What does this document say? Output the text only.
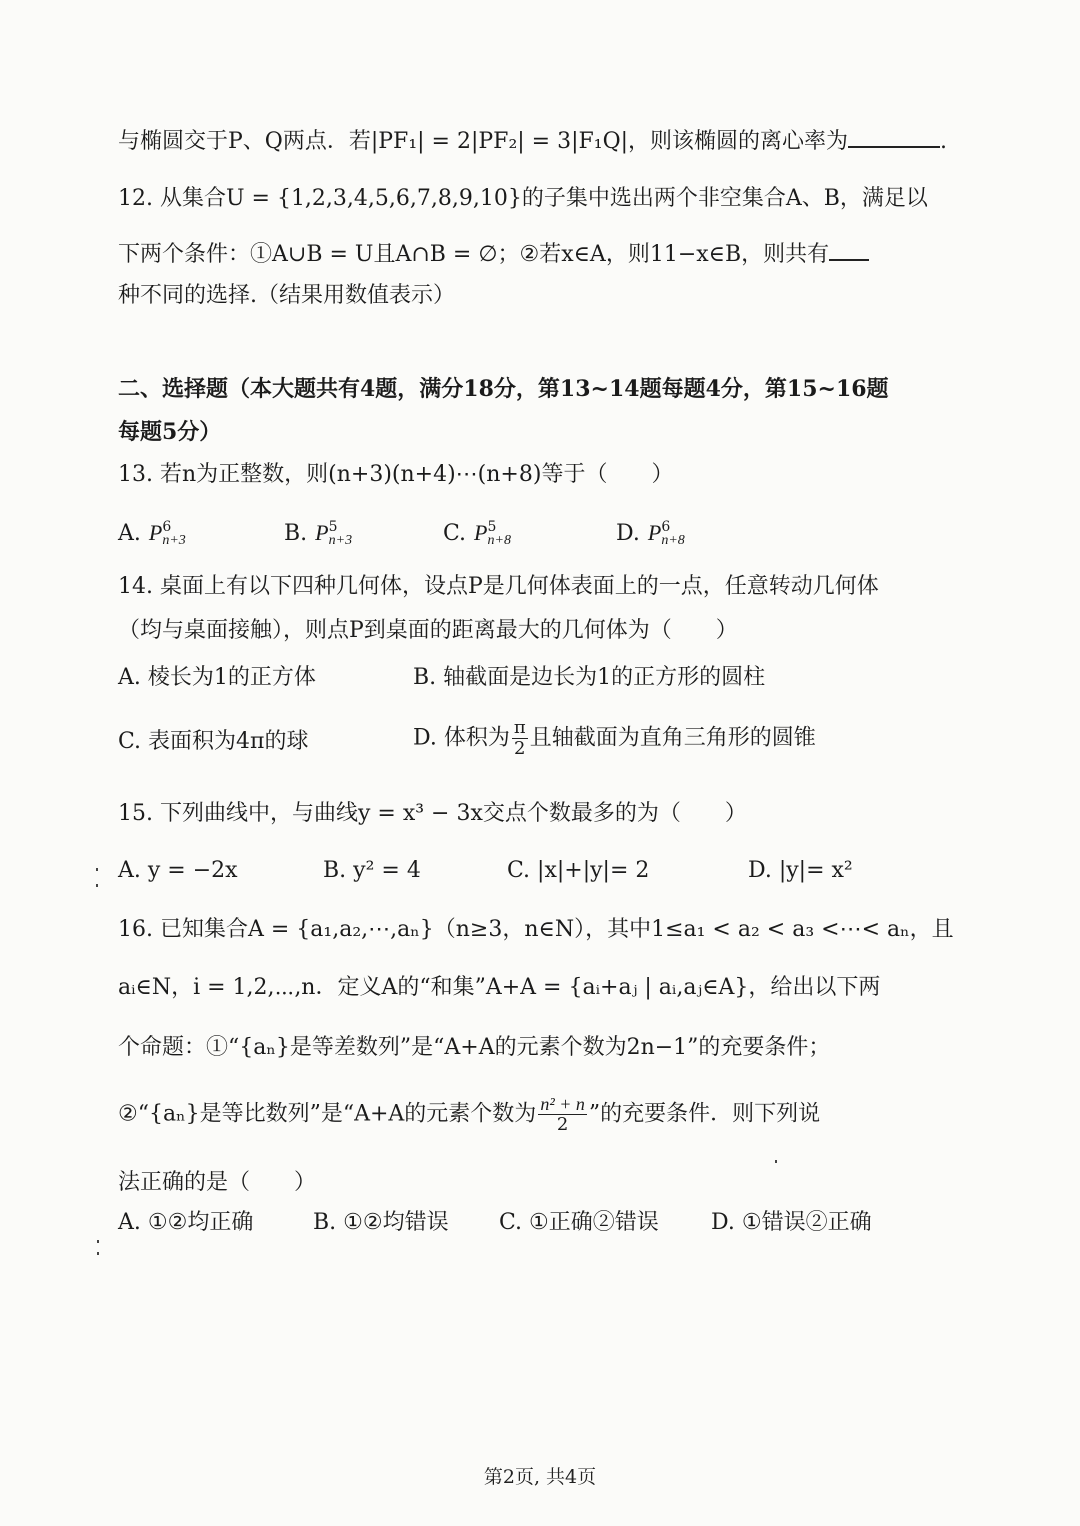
与椭圆交于P、Q两点．若|PF₁| = 2|PF₂| = 3|F₁Q|，则该椭圆的离心率为	.
12. 从集合U = {1,2,3,4,5,6,7,8,9,10}的子集中选出两个非空集合A、B，满足以
下两个条件：①A∪B = U且A∩B = ∅；②若x∈A，则11−x∈B，则共有
种不同的选择.（结果用数值表示）
二、选择题（本大题共有4题，满分18分，第13~14题每题4分，第15~16题
每题5分）
13. 若n为正整数，则(n+3)(n+4)⋯(n+8)等于（　　）
A. P 6
n+3	B. P 5
n+3	C. P 5
n+8	D. P 6
n+8
14. 桌面上有以下四种几何体，设点P是几何体表面上的一点，任意转动几何体
（均与桌面接触），则点P到桌面的距离最大的几何体为（　　）
A. 棱长为1的正方体	B. 轴截面是边长为1的正方形的圆柱
C. 表面积为4π的球	D. 体积为 $\frac{\pi}{2}$ 且轴截面为直角三角形的圆锥
15. 下列曲线中，与曲线y = x³ − 3x交点个数最多的为（　　）
A. y = −2x	B. y² = 4	C. |x|+|y|= 2	D. |y|= x²
16. 已知集合A = {a₁,a₂,⋯,aₙ}（n≥3，n∈N），其中1≤a₁ < a₂ < a₃ <⋯< aₙ，且
aᵢ∈N，i = 1,2,⋯,n．定义A的“和集”A+A = {aᵢ+aⱼ | aᵢ,aⱼ∈A}，给出以下两
个命题：①“{aₙ}是等差数列”是“A+A的元素个数为2n−1”的充要条件；
②“{aₙ}是等比数列”是“A+A的元素个数为 $\frac{\text{n² + n}}{2}$ ”的充要条件．则下列说
法正确的是（　　）
A. ①②均正确	B. ①②均错误 C. ①正确②错误 D. ①错误②正确
第2页, 共4页
